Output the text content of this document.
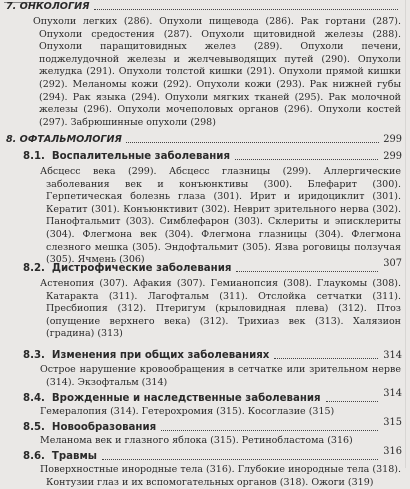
7. ОНКОЛОГИЯ
Опухоли легких (286). Опухоли пищевода (286). Рак гортани (287). Опухоли средостения (287). Опухоли щитовидной железы (288). Опухоли паращитовидных желез (289). Опухоли печени, поджелудочной железы и желчевыводящих путей (290). Опухоли желудка (291). Опухоли толстой кишки (291). Опухоли прямой кишки (292). Меланомы кожи (292). Опухоли кожи (293). Рак нижней губы (294). Рак языка (294). Опухоли мягких тканей (295). Рак молочной железы (296). Опухоли мочеполовых органов (296). Опухоли костей (297). Забрюшинные опухоли (298)
8. ОФТАЛЬМОЛОГИЯ	299
8.1. Воспалительные заболевания	299
Абсцесс века (299). Абсцесс глазницы (299). Аллергические заболевания век и конъюнктивы (300). Блефарит (300). Герпетическая болезнь глаза (301). Ирит и иридоциклит (301). Кератит (301). Конъюнктивит (302). Неврит зрительного нерва (302). Панофтальмит (303). Симблефарон (303). Склериты и эписклериты (304). Флегмона век (304). Флегмона глазницы (304). Флегмона слезного мешка (305). Эндофтальмит (305). Язва роговицы ползучая (305). Ячмень (306)
8.2. Дистрофические заболевания	307
Астенопия (307). Афакия (307). Гемианопсия (308). Глаукомы (308). Катаракта (311). Лагофтальм (311). Отслойка сетчатки (311). Пресбиопия (312). Птеригум (крыловидная плева) (312). Птоз (опущение верхнего века) (312). Трихиаз век (313). Халязион (градина) (313)
8.3. Изменения при общих заболеваниях	314
Острое нарушение кровообращения в сетчатке или зрительном нерве (314). Экзофтальм (314)
8.4. Врожденные и наследственные заболевания	314
Гемералопия (314). Гетерохромия (315). Косоглазие (315)
8.5. Новообразования	315
Меланома век и глазного яблока (315). Ретинобластома (316)
8.6. Травмы	316
Поверхностные инородные тела (316). Глубокие инородные тела (318). Контузии глаз и их вспомогательных органов (318). Ожоги (319)
